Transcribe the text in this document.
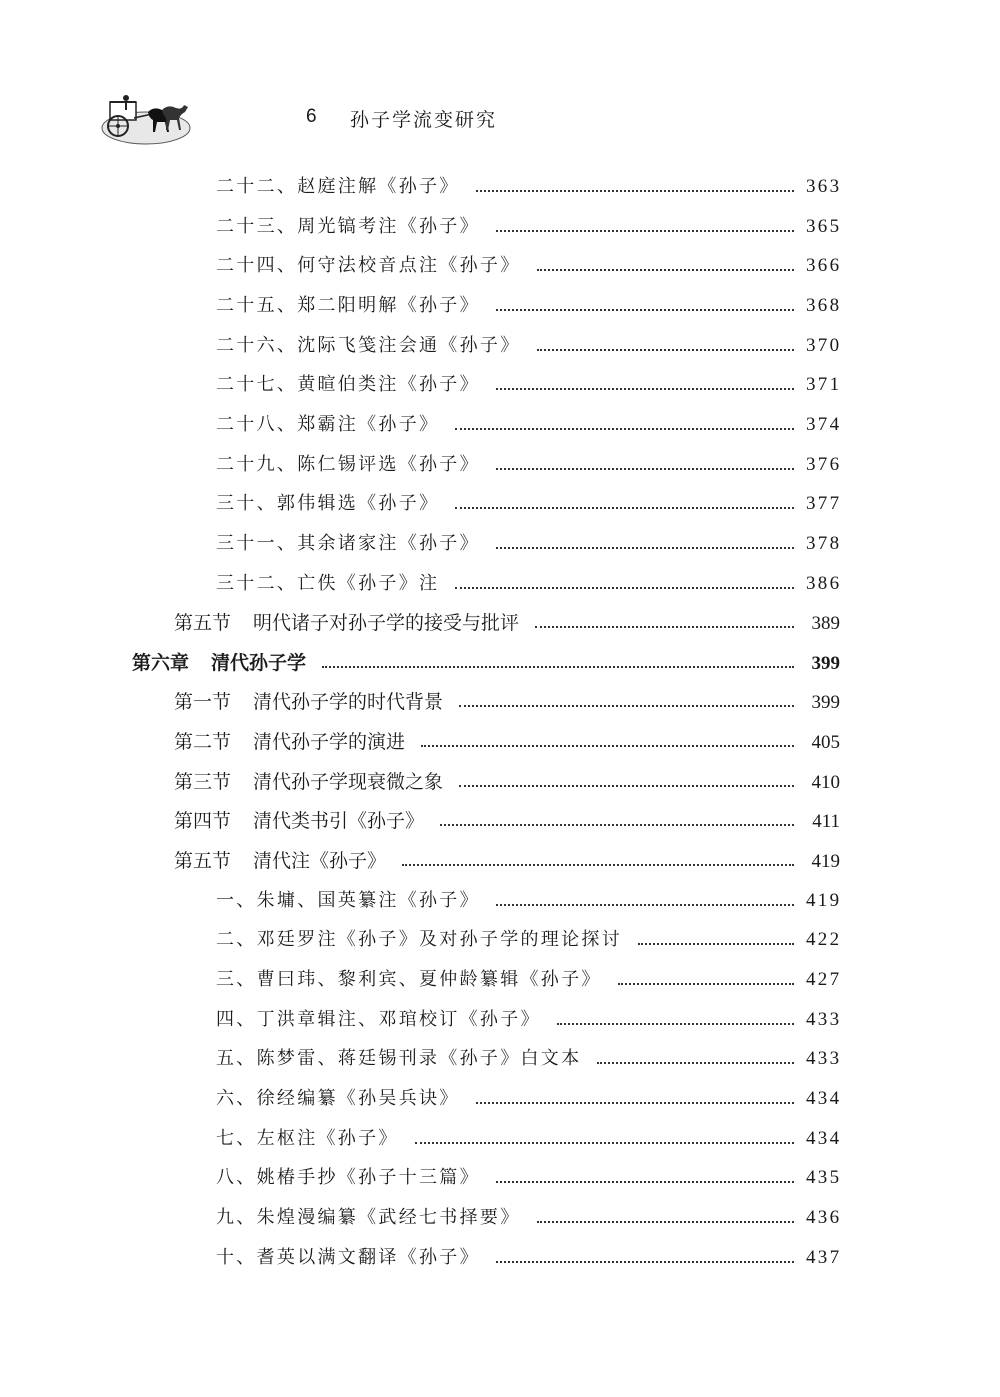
6 孙子学流变研究
二十二、赵庭注解《孙子》	363
二十三、周光镐考注《孙子》	365
二十四、何守法校音点注《孙子》	366
二十五、郑二阳明解《孙子》	368
二十六、沈际飞笺注会通《孙子》	370
二十七、黄暄伯类注《孙子》	371
二十八、郑霸注《孙子》	374
二十九、陈仁锡评选《孙子》	376
三十、郭伟辑选《孙子》	377
三十一、其余诸家注《孙子》	378
三十二、亡佚《孙子》注	386
第五节 明代诸子对孙子学的接受与批评	389
第六章 清代孙子学	399
第一节 清代孙子学的时代背景	399
第二节 清代孙子学的演进	405
第三节 清代孙子学现衰微之象	410
第四节 清代类书引《孙子》	411
第五节 清代注《孙子》	419
一、朱墉、国英纂注《孙子》	419
二、邓廷罗注《孙子》及对孙子学的理论探讨	422
三、曹曰玮、黎利宾、夏仲龄纂辑《孙子》	427
四、丁洪章辑注、邓琯校订《孙子》	433
五、陈梦雷、蒋廷锡刊录《孙子》白文本	433
六、徐经编纂《孙吴兵诀》	434
七、左枢注《孙子》	434
八、姚椿手抄《孙子十三篇》	435
九、朱煌漫编纂《武经七书择要》	436
十、耆英以满文翻译《孙子》	437
